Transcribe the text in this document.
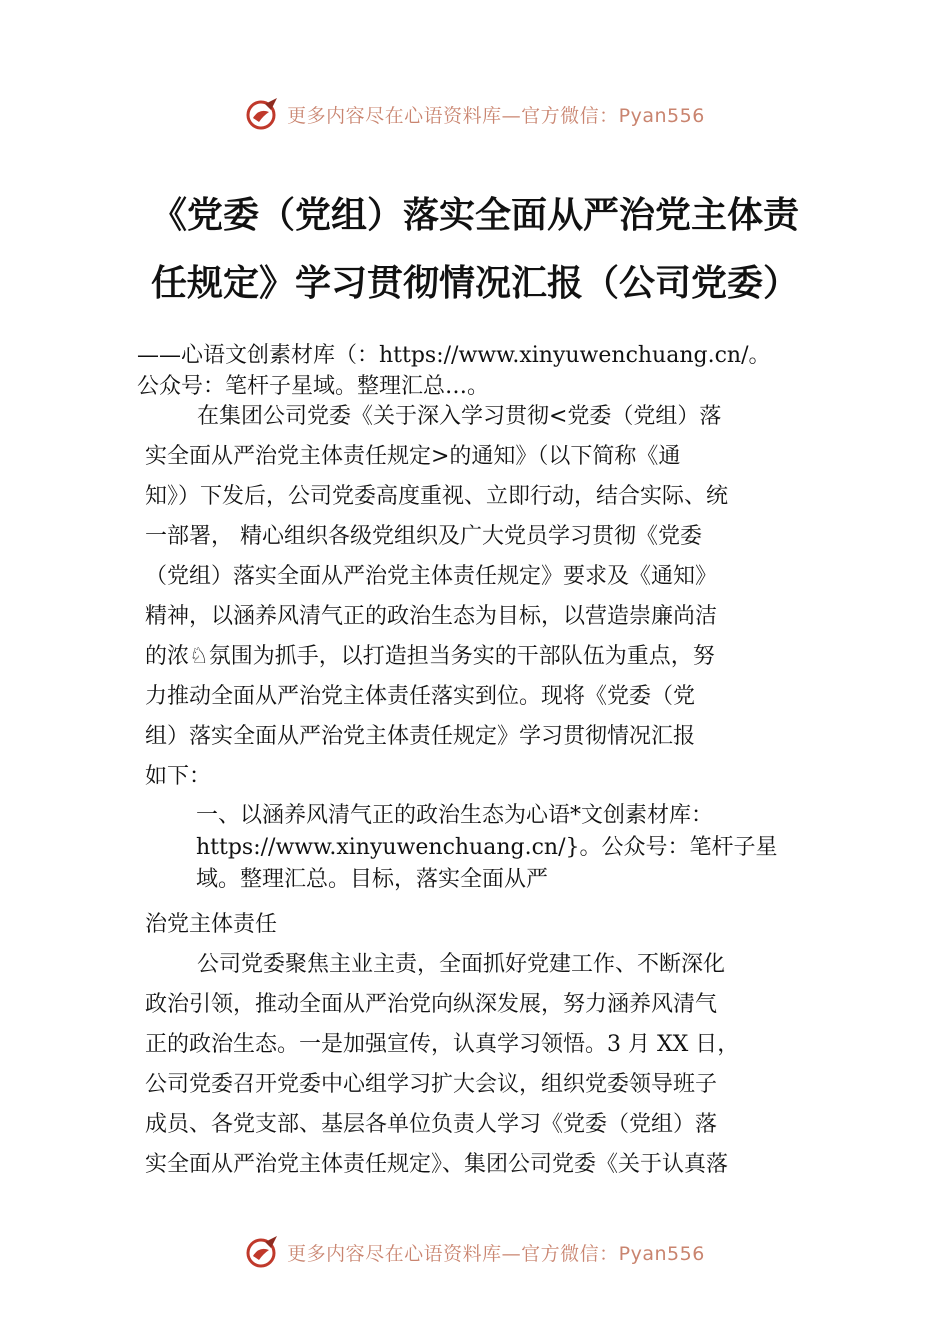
更多内容尽在心语资料库—官方微信：Pyan556
《党委（党组）落实全面从严治党主体责
任规定》学习贯彻情况汇报（公司党委）
——心语文创素材库（：https://www.xinyuwenchuang.cn/。
公众号：笔杆子星域。整理汇总…。
在集团公司党委《关于深入学习贯彻<党委（党组）落
实全面从严治党主体责任规定>的通知》（以下简称《通
知》）下发后，公司党委高度重视、立即行动，结合实际、统
一部署， 精心组织各级党组织及广大党员学习贯彻《党委
（党组）落实全面从严治党主体责任规定》要求及《通知》
精神，以涵养风清气正的政治生态为目标，以营造崇廉尚洁
的浓♘氛围为抓手，以打造担当务实的干部队伍为重点，努
力推动全面从严治党主体责任落实到位。现将《党委（党
组）落实全面从严治党主体责任规定》学习贯彻情况汇报
如下：
一、以涵养风清气正的政治生态为心语*文创素材库：
https://www.xinyuwenchuang.cn/}。公众号：笔杆子星
域。整理汇总。目标，落实全面从严
治党主体责任
公司党委聚焦主业主责，全面抓好党建工作、不断深化
政治引领，推动全面从严治党向纵深发展，努力涵养风清气
正的政治生态。一是加强宣传，认真学习领悟。3 月 XX 日，
公司党委召开党委中心组学习扩大会议，组织党委领导班子
成员、各党支部、基层各单位负责人学习《党委（党组）落
实全面从严治党主体责任规定》、集团公司党委《关于认真落
更多内容尽在心语资料库—官方微信：Pyan556
